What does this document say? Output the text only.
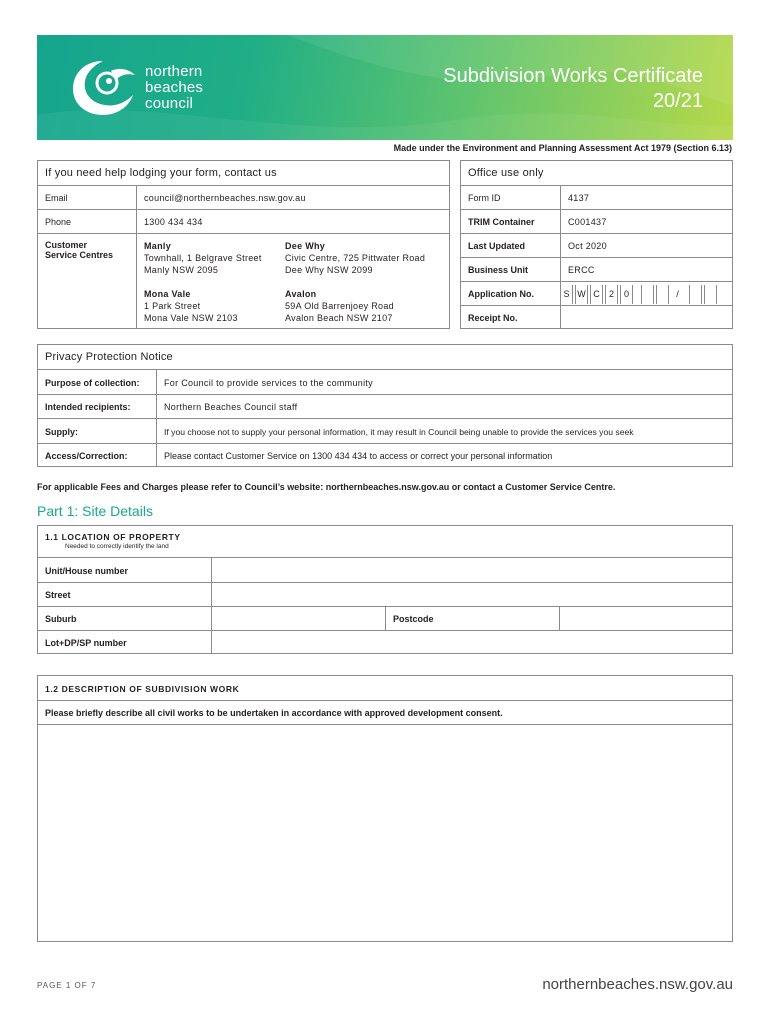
northern
beaches
council
Subdivision Works Certificate
20/21
Made under the Environment and Planning Assessment Act 1979 (Section 6.13)
If you need help lodging your form, contact us
Email	council@northernbeaches.nsw.gov.au
Phone	1300 434 434
Customer
Service Centres
Manly
Townhall, 1 Belgrave Street
Manly NSW 2095
Dee Why
Civic Centre, 725 Pittwater Road
Dee Why NSW 2099
Mona Vale
1 Park Street
Mona Vale NSW 2103
Avalon
59A Old Barrenjoey Road
Avalon Beach NSW 2107
Office use only
Form ID	4137
TRIM Container	C001437
Last Updated	Oct 2020
Business Unit	ERCC
Application No.	S W C	2	0	/
Receipt No.
Privacy Protection Notice
Purpose of collection:	For Council to provide services to the community
Intended recipients:	Northern Beaches Council staff
Supply:	If you choose not to supply your personal information, it may result in Council being unable to provide the services you seek
Access/Correction:	Please contact Customer Service on 1300 434 434 to access or correct your personal information
For applicable Fees and Charges please refer to Council’s website: northernbeaches.nsw.gov.au or contact a Customer Service Centre.
Part 1: Site Details
1.1 LOCATION OF PROPERTY
Needed to correctly identify the land
Unit/House number
Street
Suburb	Postcode
Lot+DP/SP number
1.2 DESCRIPTION OF SUBDIVISION WORK
Please briefly describe all civil works to be undertaken in accordance with approved development consent.
PAGE 1 OF 7	northernbeaches.nsw.gov.au
